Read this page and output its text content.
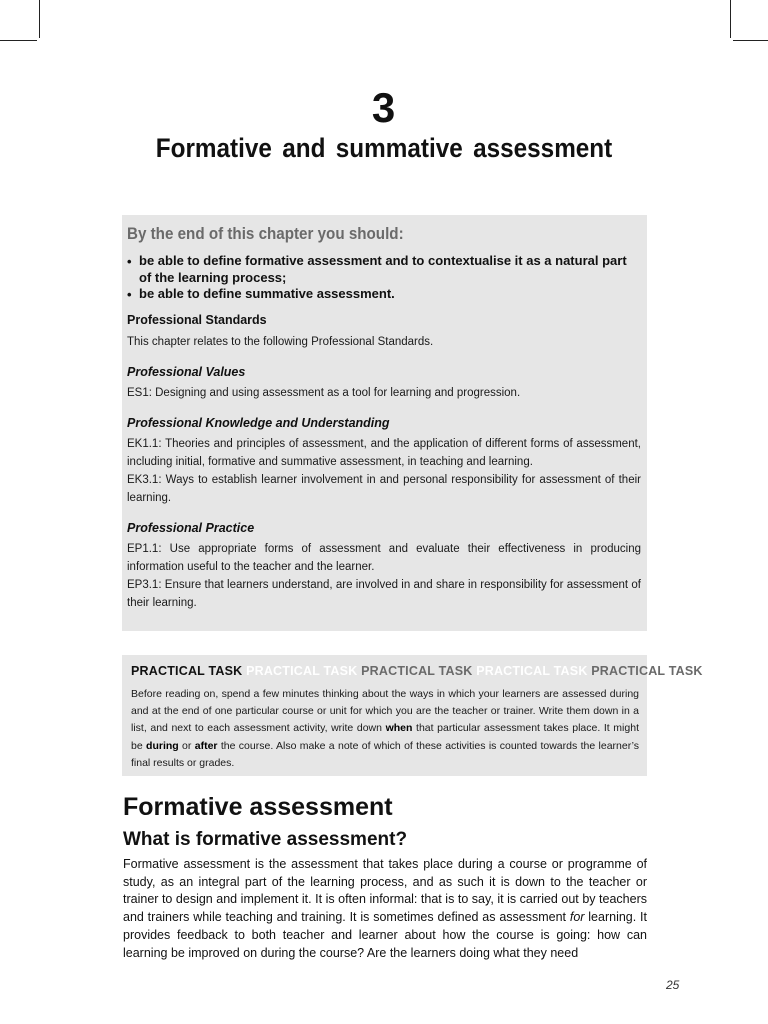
3
Formative and summative assessment
By the end of this chapter you should:
• be able to define formative assessment and to contextualise it as a natural part of the learning process;
• be able to define summative assessment.
Professional Standards

This chapter relates to the following Professional Standards.

Professional Values

ES1: Designing and using assessment as a tool for learning and progression.

Professional Knowledge and Understanding

EK1.1: Theories and principles of assessment, and the application of different forms of assessment, including initial, formative and summative assessment, in teaching and learning.

EK3.1: Ways to establish learner involvement in and personal responsibility for assessment of their learning.

Professional Practice

EP1.1: Use appropriate forms of assessment and evaluate their effectiveness in producing information useful to the teacher and the learner.

EP3.1: Ensure that learners understand, are involved in and share in responsibility for assessment of their learning.

PRACTICAL TASK PRACTICAL TASK PRACTICAL TASK PRACTICAL TASK PRACTICAL TASK

Before reading on, spend a few minutes thinking about the ways in which your learners are assessed during and at the end of one particular course or unit for which you are the teacher or trainer. Write them down in a list, and next to each assessment activity, write down when that particular assessment takes place. It might be during or after the course. Also make a note of which of these activities is counted towards the learner’s final results or grades.

Formative assessment
What is formative assessment?

Formative assessment is the assessment that takes place during a course or programme of study, as an integral part of the learning process, and as such it is down to the teacher or trainer to design and implement it. It is often informal: that is to say, it is carried out by teachers and trainers while teaching and training. It is sometimes defined as assessment for learning. It provides feedback to both teacher and learner about how the course is going: how can learning be improved on during the course? Are the learners doing what they need

25
